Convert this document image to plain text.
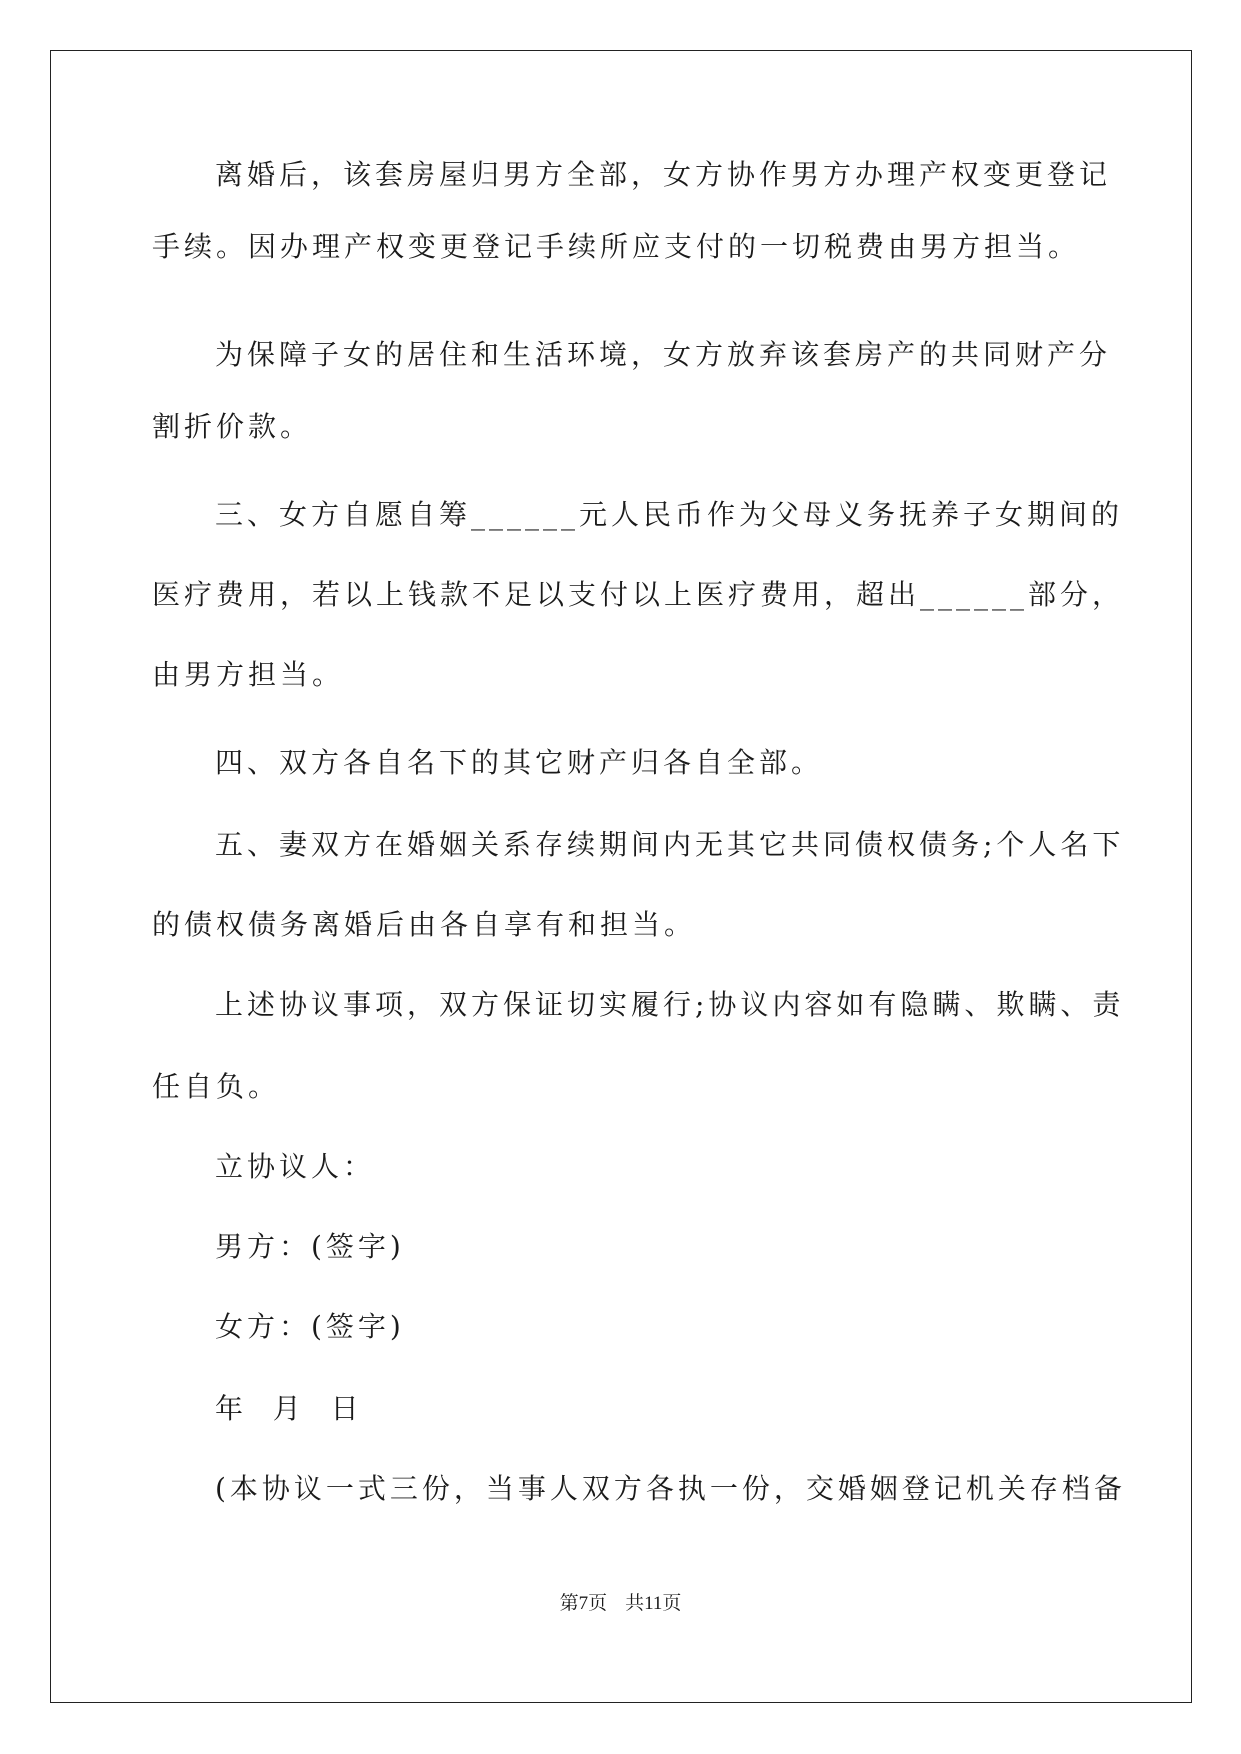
离婚后，该套房屋归男方全部，女方协作男方办理产权变更登记
手续。因办理产权变更登记手续所应支付的一切税费由男方担当。
为保障子女的居住和生活环境，女方放弃该套房产的共同财产分
割折价款。
三、女方自愿自筹______元人民币作为父母义务抚养子女期间的
医疗费用，若以上钱款不足以支付以上医疗费用，超出______部分，
由男方担当。
四、双方各自名下的其它财产归各自全部。
五、妻双方在婚姻关系存续期间内无其它共同债权债务;个人名下
的债权债务离婚后由各自享有和担当。
上述协议事项，双方保证切实履行;协议内容如有隐瞒、欺瞒、责
任自负。
立协议人：
男方：(签字)
女方：(签字)
年  月  日
(本协议一式三份，当事人双方各执一份，交婚姻登记机关存档备
第7页 共11页
